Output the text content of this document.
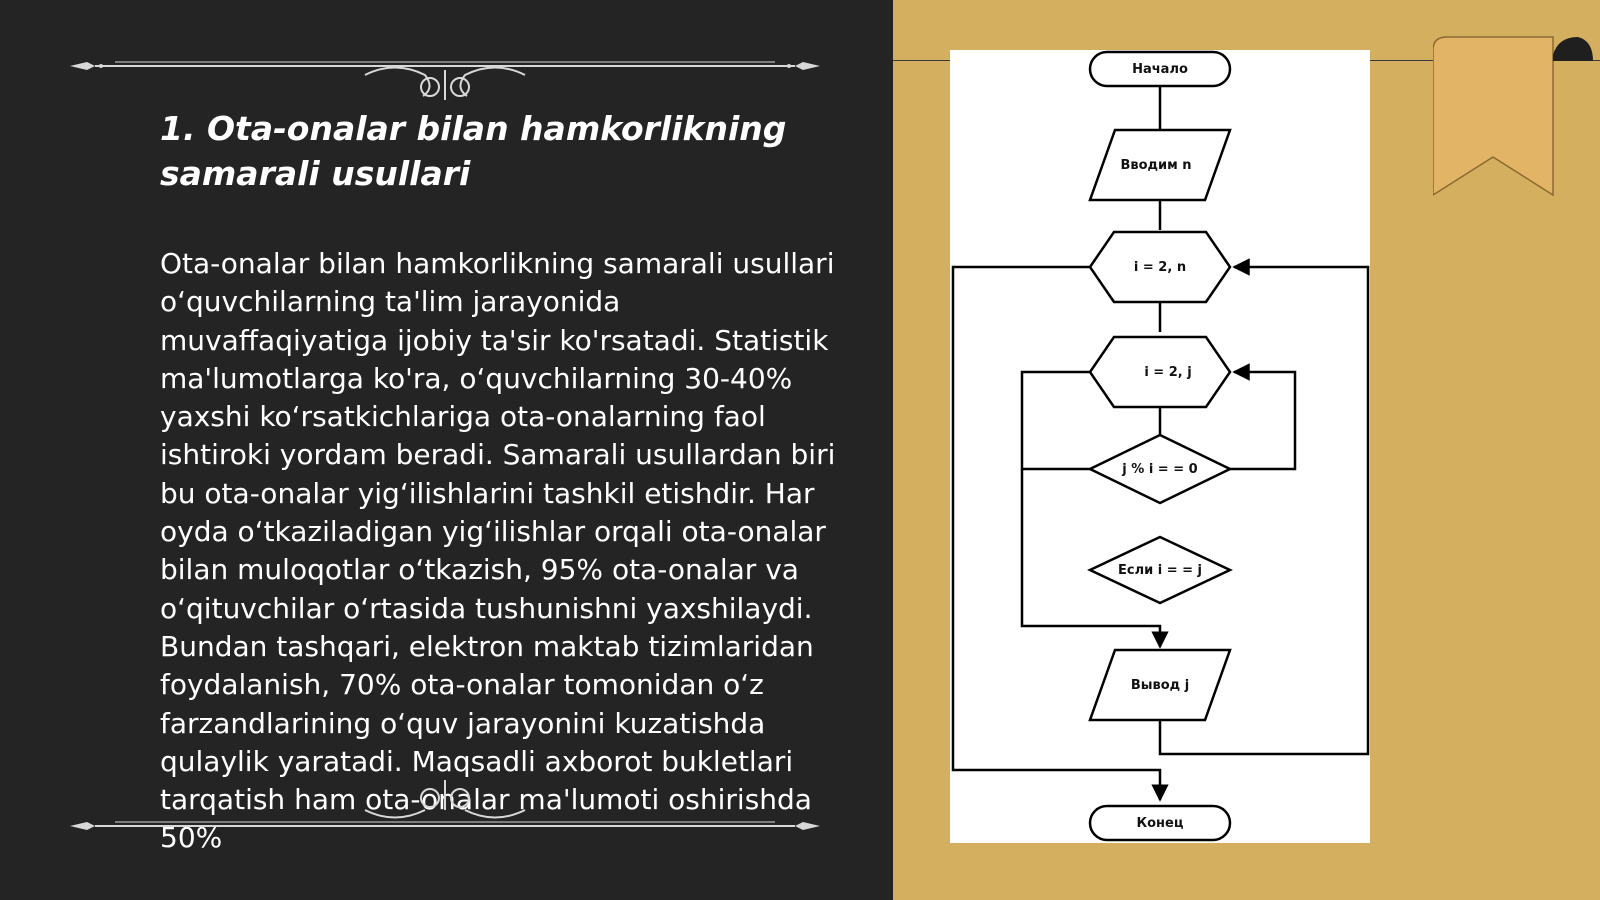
1. Ota-onalar bilan hamkorlikning samarali usullari

Ota-onalar bilan hamkorlikning samarali usullari o‘quvchilarning ta'lim jarayonida muvaffaqiyatiga ijobiy ta'sir ko'rsatadi. Statistik ma'lumotlarga ko'ra, o‘quvchilarning 30-40% yaxshi ko‘rsatkichlariga ota-onalarning faol ishtiroki yordam beradi. Samarali usullardan biri bu ota-onalar yig‘ilishlarini tashkil etishdir. Har oyda o‘tkaziladigan yig‘ilishlar orqali ota-onalar bilan muloqotlar o‘tkazish, 95% ota-onalar va o‘qituvchilar o‘rtasida tushunishni yaxshilaydi. Bundan tashqari, elektron maktab tizimlaridan foydalanish, 70% ota-onalar tomonidan o‘z farzandlarining o‘quv jarayonini kuzatishda qulaylik yaratadi. Maqsadli axborot bukletlari tarqatish ham ota-onalar ma'lumoti oshirishda 50%

Начало
Вводим n
i = 2, n
i = 2, j
j % i = = 0
Если i = = j
Вывод j
Конец
